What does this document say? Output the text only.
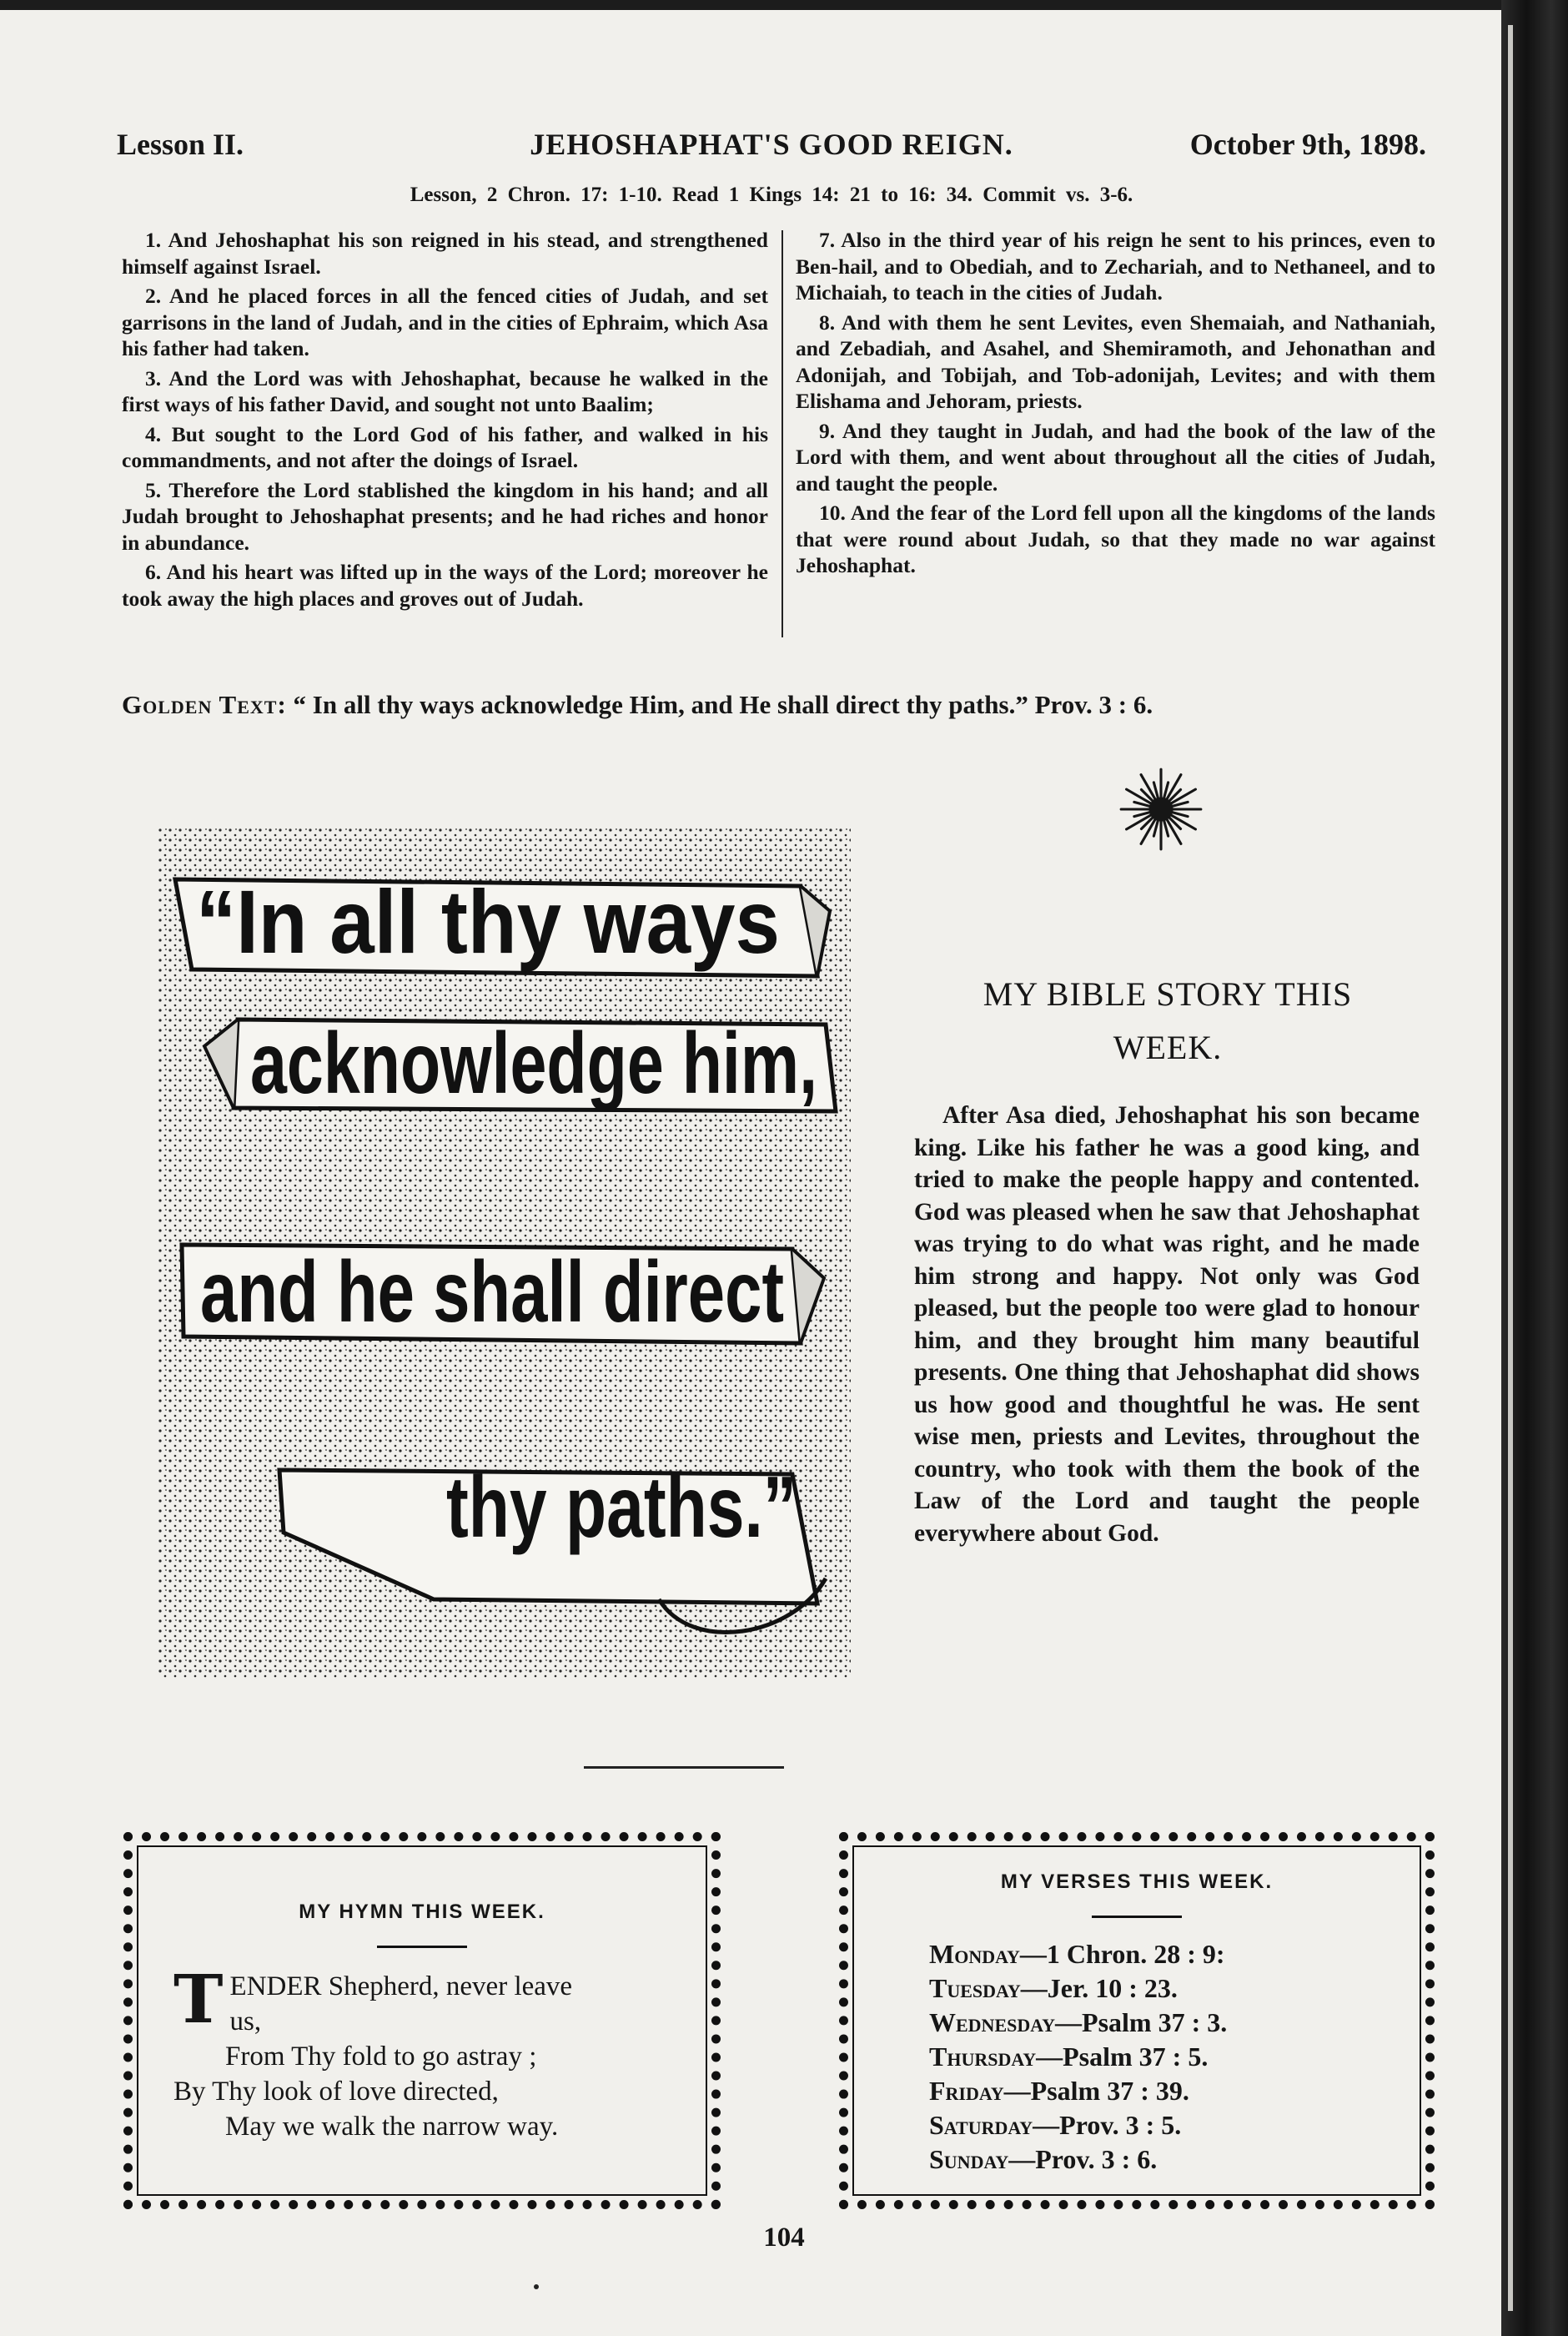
Lesson II.	JEHOSHAPHAT'S GOOD REIGN.	October 9th, 1898.
Lesson, 2 Chron. 17: 1-10. Read 1 Kings 14: 21 to 16: 34. Commit vs. 3-6.

1. And Jehoshaphat his son reigned in his stead, and strengthened himself against Israel.

2. And he placed forces in all the fenced cities of Judah, and set garrisons in the land of Judah, and in the cities of Ephraim, which Asa his father had taken.

3. And the Lord was with Jehoshaphat, because he walked in the first ways of his father David, and sought not unto Baalim;

4. But sought to the Lord God of his father, and walked in his commandments, and not after the doings of Israel.

5. Therefore the Lord stablished the kingdom in his hand; and all Judah brought to Jehoshaphat presents; and he had riches and honor in abundance.

6. And his heart was lifted up in the ways of the Lord; moreover he took away the high places and groves out of Judah.

7. Also in the third year of his reign he sent to his princes, even to Ben-hail, and to Obediah, and to Zechariah, and to Nethaneel, and to Michaiah, to teach in the cities of Judah.

8. And with them he sent Levites, even Shemaiah, and Nathaniah, and Zebadiah, and Asahel, and Shemiramoth, and Jehonathan and Adonijah, and Tobijah, and Tob-adonijah, Levites; and with them Elishama and Jehoram, priests.

9. And they taught in Judah, and had the book of the law of the Lord with them, and went about throughout all the cities of Judah, and taught the people.

10. And the fear of the Lord fell upon all the kingdoms of the lands that were round about Judah, so that they made no war against Jehoshaphat.

Golden Text: “ In all thy ways acknowledge Him, and He shall direct thy paths.” Prov. 3 : 6.
“In all thy ways
acknowledge him,
and he shall direct
thy paths.”
MY BIBLE STORY THIS
WEEK.

After Asa died, Jehoshaphat his son became king. Like his father he was a good king, and tried to make the people happy and contented. God was pleased when he saw that Jehoshaphat was trying to do what was right, and he made him strong and happy. Not only was God pleased, but the people too were glad to honour him, and they brought him many beautiful presents. One thing that Jehoshaphat did shows us how good and thoughtful he was. He sent wise men, priests and Levites, throughout the country, who took with them the book of the Law of the Lord and taught the people everywhere about God.

MY HYMN THIS WEEK.
T ENDER Shepherd, never leave
us,
From Thy fold to go astray ;
By Thy look of love directed,
May we walk the narrow way.
MY VERSES THIS WEEK.
Monday—1 Chron. 28 : 9:
Tuesday—Jer. 10 : 23.
Wednesday—Psalm 37 : 3.
Thursday—Psalm 37 : 5.
Friday—Psalm 37 : 39.
Saturday—Prov. 3 : 5.
Sunday—Prov. 3 : 6.
104
